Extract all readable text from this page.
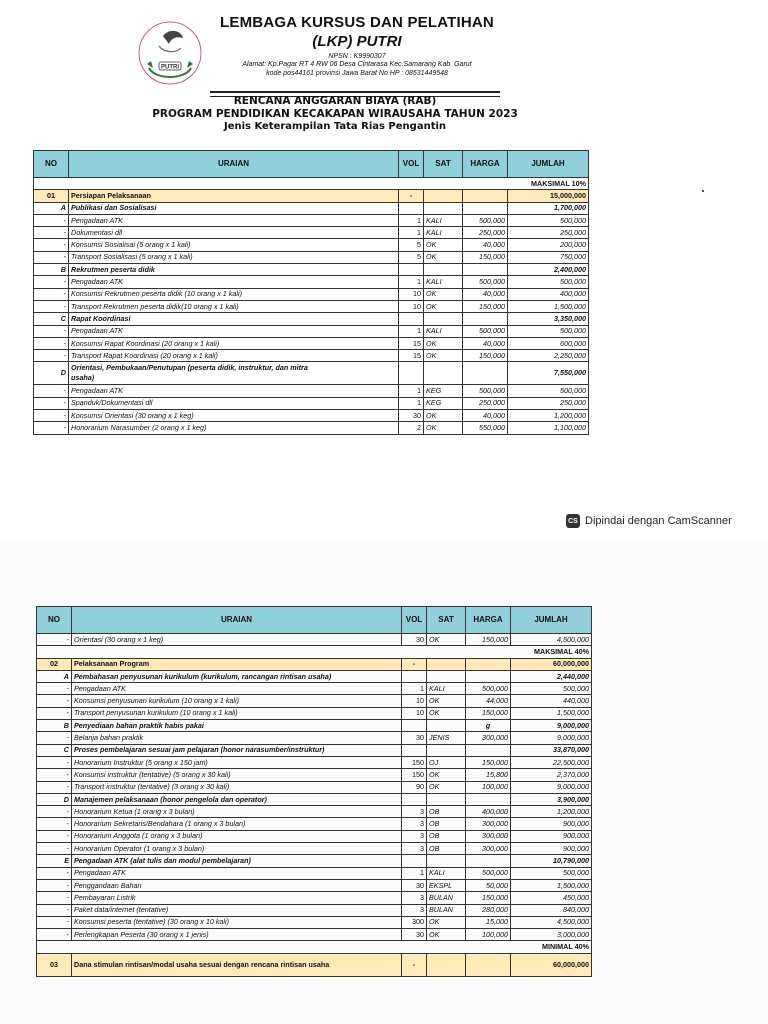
PUTRI
LEMBAGA KURSUS DAN PELATIHAN
(LKP) PUTRI
NPSN : K9990307
Alamat: Kp.Pagar RT 4 RW 06 Desa Cintarasa Kec.Samarang Kab. Garut
kode pos44161 provinsi Jawa Barat No HP : 08531449548
RENCANA ANGGARAN BIAYA (RAB)
PROGRAM PENDIDIKAN KECAKAPAN WIRAUSAHA TAHUN 2023
Jenis Keterampilan Tata Rias Pengantin
NO	URAIAN	VOL	SAT	HARGA	JUMLAH
					MAKSIMAL 10%
01	Persiapan Pelaksanaan	-			15,000,000
A	Publikasi dan Sosialisasi				1,700,000
-	Pengadaan ATK	1	KALI	500,000	500,000
-	Dokumentasi dll	1	KALI	250,000	250,000
-	Konsumsi Sosialisai (5 orang x 1 kali)	5	OK	40,000	200,000
-	Transport Sosialisasi (5 orang x 1 kali)	5	OK	150,000	750,000
B	Rekrutmen peserta didik				2,400,000
-	Pengadaan ATK	1	KALI	500,000	500,000
-	Konsumsi Rekrutmen peserta didik (10 orang x 1 kali)	10	OK	40,000	400,000
-	Transport Rekrutmen peserta didik(10 orang x 1 kali)	10	OK	150,000	1,500,000
C	Rapat Koordinasi				3,350,000
-	Pengadaan ATK	1	KALI	500,000	500,000
-	Konsumsi Rapat Koordinasi (20 orang x 1 kali)	15	OK	40,000	600,000
-	Transport Rapat Koordinasi (20 orang x 1 kali)	15	OK	150,000	2,250,000
D	Orientasi, Pembukaan/Penutupan (peserta didik, instruktur, dan mitra
usaha)				7,550,000
-	Pengadaan ATK	1	KEG	500,000	500,000
-	Spanduk/Dokumentasi dll	1	KEG	250,000	250,000
-	Konsumsi Orientasi (30 orang x 1 keg)	30	OK	40,000	1,200,000
-	Honorarium Narasumber (2 orang x 1 keg)	2	OK	550,000	1,100,000
CS Dipindai dengan CamScanner
NO	URAIAN	VOL	SAT	HARGA	JUMLAH
-	Orientasi (30 orang x 1 keg)	30	OK	150,000	4,500,000
					MAKSIMAL 40%
02	Pelaksanaan Program	-			60,000,000
A	Pembahasan penyusunan kurikulum (kurikulum, rancangan rintisan usaha)				2,440,000
-	Pengadaan ATK	1	KALI	500,000	500,000
-	Konsumsi penyusunan kurikulum (10 orang x 1 kali)	10	OK	44,000	440,000
-	Transport penyusunan kurikulum (10 orang x 1 kali)	10	OK	150,000	1,500,000
B	Penyediaan bahan praktik habis pakai			g	9,000,000
-	Belanja bahan praktik	30	JENIS	300,000	9,000,000
C	Proses pembelajaran sesuai jam pelajaran (honor narasumber/instruktur)				33,870,000
-	Honorarium Instruktur (5 orang x 150 jam)	150	OJ	150,000	22,500,000
-	Konsumsi instruktur (tentative) (5 orang x 30 kali)	150	OK	15,800	2,370,000
-	Transport instruktur (tentative) (3 orang x 30 kali)	90	OK	100,000	9,000,000
D	Manajemen pelaksanaan (honor pengelola dan operator)				3,900,000
-	Honorarium Ketua (1 orang x 3 bulan)	3	OB	400,000	1,200,000
-	Honorarium Sekretaris/Bendahara (1 orang x 3 bulan)	3	OB	300,000	900,000
-	Honorarium Anggota (1 orang x 3 bulan)	3	OB	300,000	900,000
-	Honorarium Operator (1 orang x 3 bulan)	3	OB	300,000	900,000
E	Pengadaan ATK (alat tulis dan modul pembelajaran)				10,790,000
-	Pengadaan ATK	1	KALI	500,000	500,000
-	Penggandaan Bahan	30	EKSPL	50,000	1,500,000
-	Pembayaran Listrik	3	BULAN	150,000	450,000
-	Paket data/internet (tentative)	3	BULAN	280,000	840,000
-	Konsumsi peserta (tentative) (30 orang x 10 kali)	300	OK	15,000	4,500,000
-	Perlengkapan Peserta (30 orang x 1 jenis)	30	OK	100,000	3,000,000
					MINIMAL 40%
03	Dana stimulan rintisan/modal usaha sesuai dengan rencana rintisan usaha	-			60,000,000
